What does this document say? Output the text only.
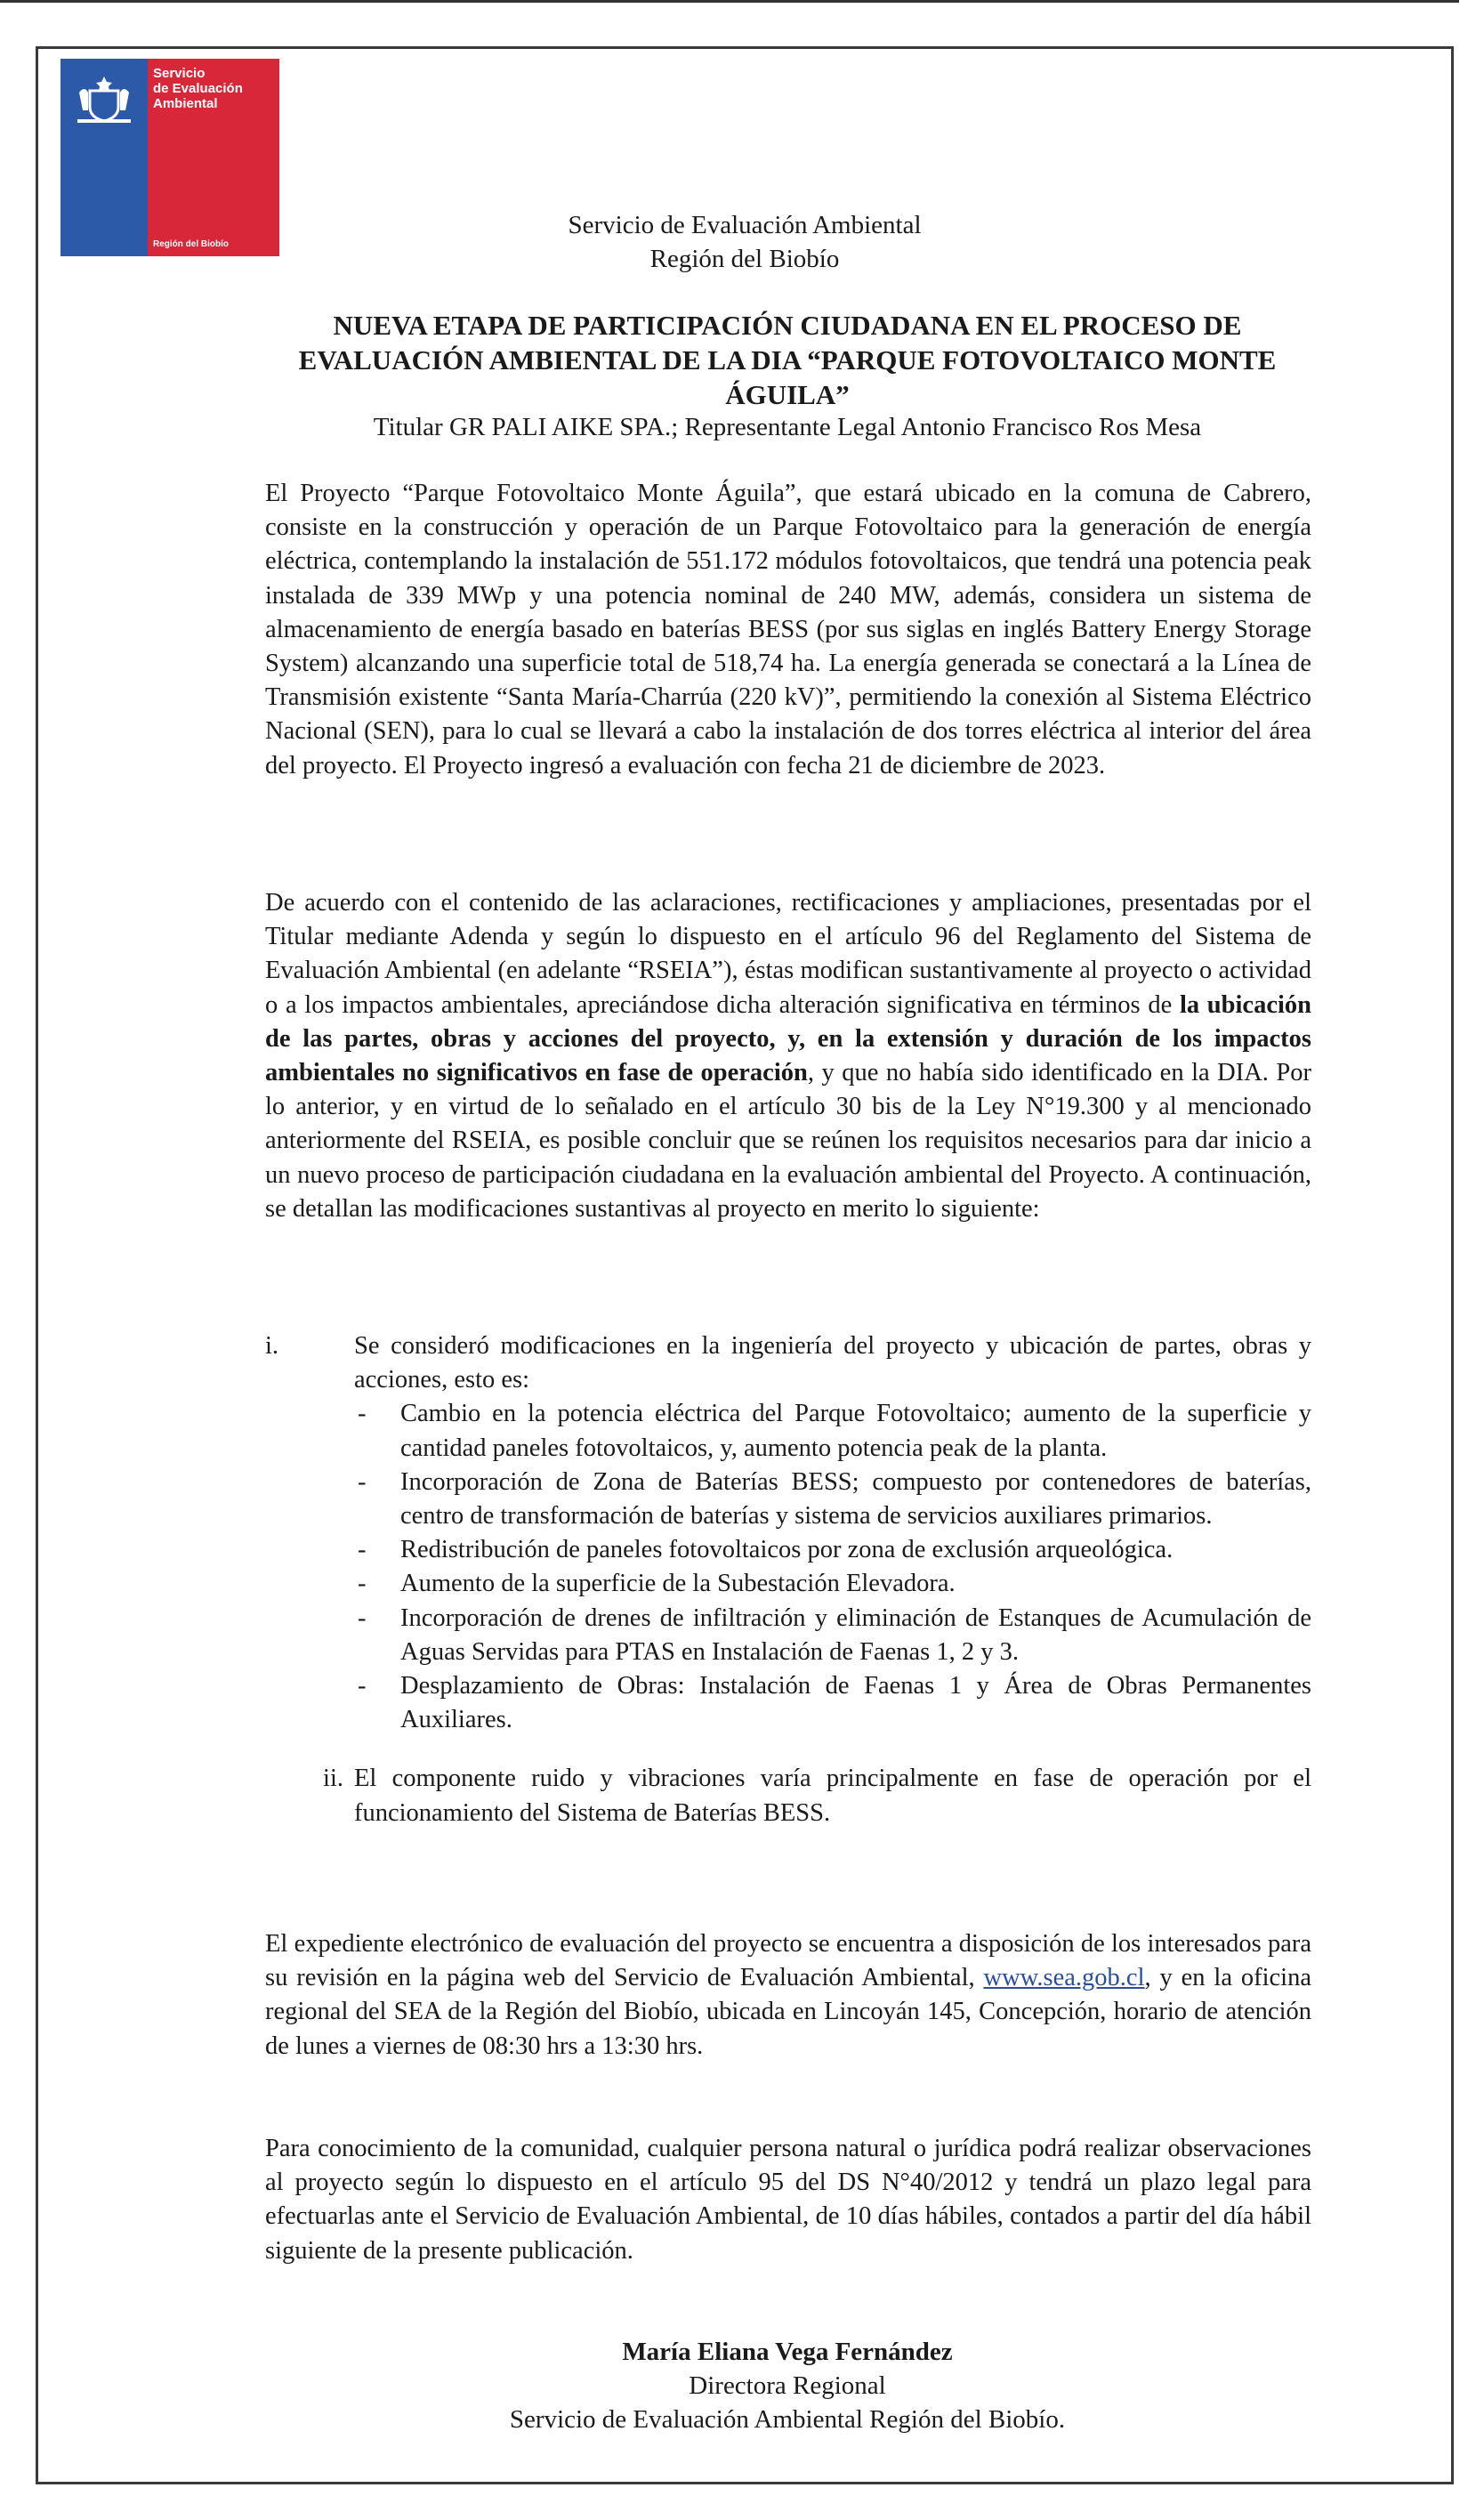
Servicio
de Evaluación
Ambiental
Región del Biobío
Servicio de Evaluación Ambiental
Región del Biobío
NUEVA ETAPA DE PARTICIPACIÓN CIUDADANA EN EL PROCESO DE EVALUACIÓN AMBIENTAL DE LA DIA “PARQUE FOTOVOLTAICO MONTE ÁGUILA”
Titular GR PALI AIKE SPA.; Representante Legal Antonio Francisco Ros Mesa
El Proyecto “Parque Fotovoltaico Monte Águila”, que estará ubicado en la comuna de Cabrero, consiste en la construcción y operación de un Parque Fotovoltaico para la generación de energía eléctrica, contemplando la instalación de 551.172 módulos fotovoltaicos, que tendrá una potencia peak instalada de 339 MWp y una potencia nominal de 240 MW, además, considera un sistema de almacenamiento de energía basado en baterías BESS (por sus siglas en inglés Battery Energy Storage System) alcanzando una superficie total de 518,74 ha. La energía generada se conectará a la Línea de Transmisión existente “Santa María-Charrúa (220 kV)”, permitiendo la conexión al Sistema Eléctrico Nacional (SEN), para lo cual se llevará a cabo la instalación de dos torres eléctrica al interior del área del proyecto. El Proyecto ingresó a evaluación con fecha 21 de diciembre de 2023.
De acuerdo con el contenido de las aclaraciones, rectificaciones y ampliaciones, presentadas por el Titular mediante Adenda y según lo dispuesto en el artículo 96 del Reglamento del Sistema de Evaluación Ambiental (en adelante “RSEIA”), éstas modifican sustantivamente al proyecto o actividad o a los impactos ambientales, apreciándose dicha alteración significativa en términos de la ubicación de las partes, obras y acciones del proyecto, y, en la extensión y duración de los impactos ambientales no significativos en fase de operación, y que no había sido identificado en la DIA. Por lo anterior, y en virtud de lo señalado en el artículo 30 bis de la Ley N°19.300 y al mencionado anteriormente del RSEIA, es posible concluir que se reúnen los requisitos necesarios para dar inicio a un nuevo proceso de participación ciudadana en la evaluación ambiental del Proyecto. A continuación, se detallan las modificaciones sustantivas al proyecto en merito lo siguiente:
i.	Se consideró modificaciones en la ingeniería del proyecto y ubicación de partes, obras y acciones, esto es:
-	Cambio en la potencia eléctrica del Parque Fotovoltaico; aumento de la superficie y cantidad paneles fotovoltaicos, y, aumento potencia peak de la planta.
-	Incorporación de Zona de Baterías BESS; compuesto por contenedores de baterías, centro de transformación de baterías y sistema de servicios auxiliares primarios.
-	Redistribución de paneles fotovoltaicos por zona de exclusión arqueológica.
-	Aumento de la superficie de la Subestación Elevadora.
-	Incorporación de drenes de infiltración y eliminación de Estanques de Acumulación de Aguas Servidas para PTAS en Instalación de Faenas 1, 2 y 3.
-	Desplazamiento de Obras: Instalación de Faenas 1 y Área de Obras Permanentes Auxiliares.
ii. El componente ruido y vibraciones varía principalmente en fase de operación por el funcionamiento del Sistema de Baterías BESS.
El expediente electrónico de evaluación del proyecto se encuentra a disposición de los interesados para su revisión en la página web del Servicio de Evaluación Ambiental, www.sea.gob.cl, y en la oficina regional del SEA de la Región del Biobío, ubicada en Lincoyán 145, Concepción, horario de atención de lunes a viernes de 08:30 hrs a 13:30 hrs.
Para conocimiento de la comunidad, cualquier persona natural o jurídica podrá realizar observaciones al proyecto según lo dispuesto en el artículo 95 del DS N°40/2012 y tendrá un plazo legal para efectuarlas ante el Servicio de Evaluación Ambiental, de 10 días hábiles, contados a partir del día hábil siguiente de la presente publicación.
María Eliana Vega Fernández
Directora Regional
Servicio de Evaluación Ambiental Región del Biobío.
